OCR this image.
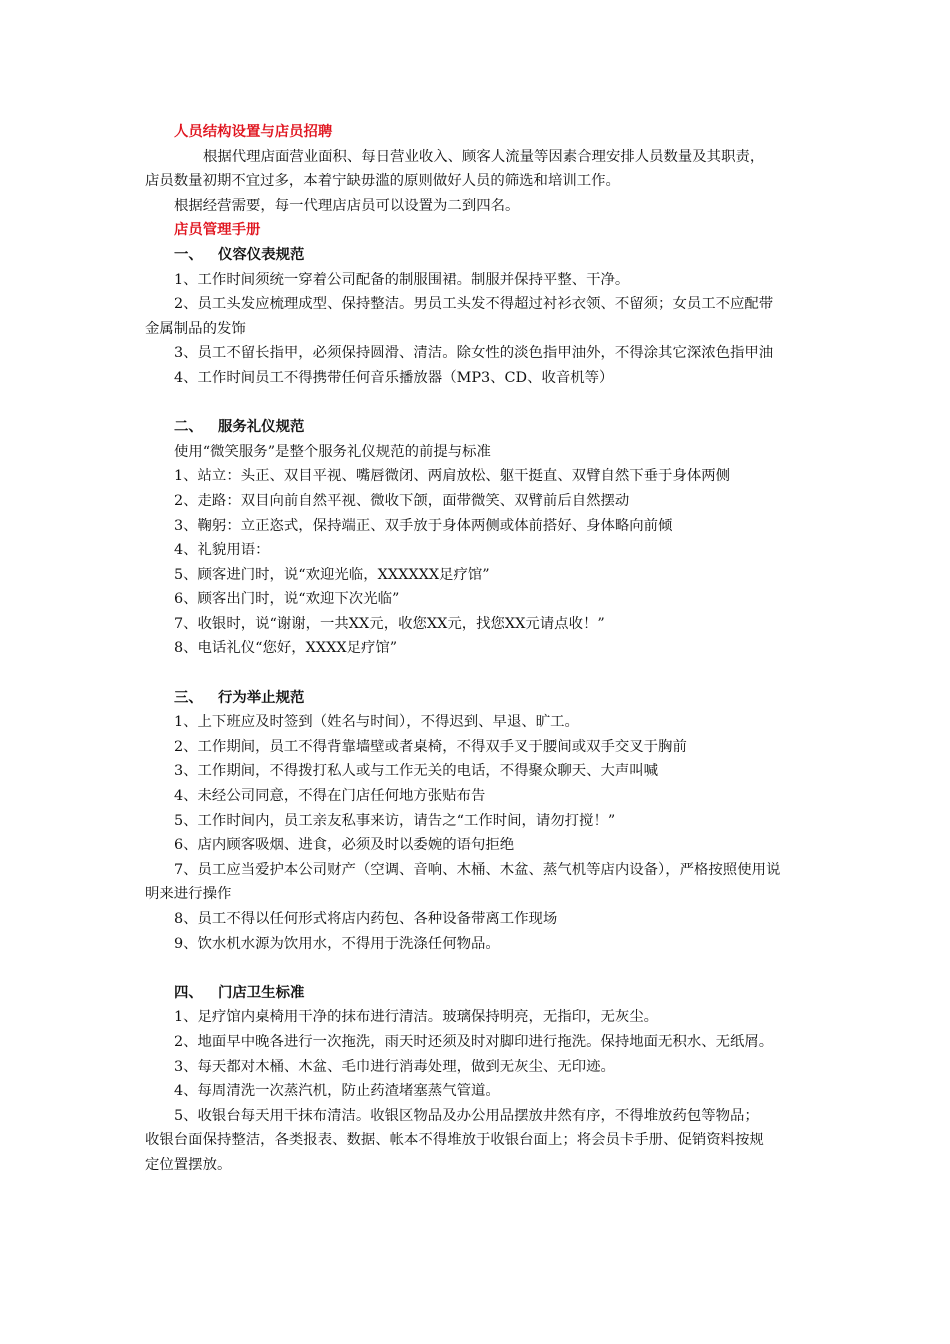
人员结构设置与店员招聘
根据代理店面营业面积、每日营业收入、顾客人流量等因素合理安排人员数量及其职责，
店员数量初期不宜过多，本着宁缺毋滥的原则做好人员的筛选和培训工作。
根据经营需要，每一代理店店员可以设置为二到四名。
店员管理手册
一、 仪容仪表规范
1、工作时间须统一穿着公司配备的制服围裙。制服并保持平整、干净。
2、员工头发应梳理成型、保持整洁。男员工头发不得超过衬衫衣领、不留须；女员工不应配带
金属制品的发饰
3、员工不留长指甲，必须保持圆滑、清洁。除女性的淡色指甲油外，不得涂其它深浓色指甲油
4、工作时间员工不得携带任何音乐播放器（MP3、CD、收音机等）
二、 服务礼仪规范
使用“微笑服务”是整个服务礼仪规范的前提与标准
1、站立：头正、双目平视、嘴唇微闭、两肩放松、躯干挺直、双臂自然下垂于身体两侧
2、走路：双目向前自然平视、微收下颌，面带微笑、双臂前后自然摆动
3、鞠躬：立正恣式，保持端正、双手放于身体两侧或体前搭好、身体略向前倾
4、礼貌用语：
5、顾客进门时，说“欢迎光临，XXXXXX足疗馆”
6、顾客出门时，说“欢迎下次光临”
7、收银时，说“谢谢，一共XX元，收您XX元，找您XX元请点收！”
8、电话礼仪“您好，XXXX足疗馆”
三、 行为举止规范
1、上下班应及时签到（姓名与时间），不得迟到、早退、旷工。
2、工作期间，员工不得背靠墙壁或者桌椅，不得双手叉于腰间或双手交叉于胸前
3、工作期间，不得拨打私人或与工作无关的电话，不得聚众聊天、大声叫喊
4、未经公司同意，不得在门店任何地方张贴布告
5、工作时间内，员工亲友私事来访，请告之“工作时间，请勿打搅！”
6、店内顾客吸烟、进食，必须及时以委婉的语句拒绝
7、员工应当爱护本公司财产（空调、音响、木桶、木盆、蒸气机等店内设备），严格按照使用说
明来进行操作
8、员工不得以任何形式将店内药包、各种设备带离工作现场
9、饮水机水源为饮用水，不得用于洗涤任何物品。
四、 门店卫生标准
1、足疗馆内桌椅用干净的抹布进行清洁。玻璃保持明亮，无指印，无灰尘。
2、地面早中晚各进行一次拖洗，雨天时还须及时对脚印进行拖洗。保持地面无积水、无纸屑。
3、每天都对木桶、木盆、毛巾进行消毒处理，做到无灰尘、无印迹。
4、每周清洗一次蒸汽机，防止药渣堵塞蒸气管道。
5、收银台每天用干抹布清洁。收银区物品及办公用品摆放井然有序，不得堆放药包等物品；
收银台面保持整洁，各类报表、数据、帐本不得堆放于收银台面上；将会员卡手册、促销资料按规
定位置摆放。
